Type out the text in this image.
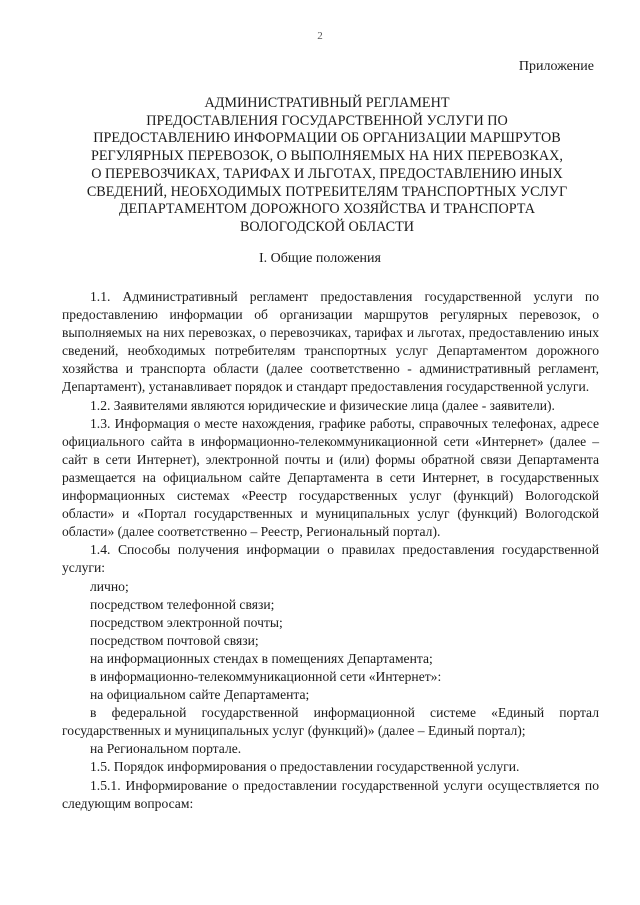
2
Приложение
АДМИНИСТРАТИВНЫЙ РЕГЛАМЕНТ
ПРЕДОСТАВЛЕНИЯ ГОСУДАРСТВЕННОЙ УСЛУГИ ПО
ПРЕДОСТАВЛЕНИЮ ИНФОРМАЦИИ ОБ ОРГАНИЗАЦИИ МАРШРУТОВ
РЕГУЛЯРНЫХ ПЕРЕВОЗОК, О ВЫПОЛНЯЕМЫХ НА НИХ ПЕРЕВОЗКАХ,
О ПЕРЕВОЗЧИКАХ, ТАРИФАХ И ЛЬГОТАХ, ПРЕДОСТАВЛЕНИЮ ИНЫХ
СВЕДЕНИЙ, НЕОБХОДИМЫХ ПОТРЕБИТЕЛЯМ ТРАНСПОРТНЫХ УСЛУГ
ДЕПАРТАМЕНТОМ ДОРОЖНОГО ХОЗЯЙСТВА И ТРАНСПОРТА
ВОЛОГОДСКОЙ ОБЛАСТИ
I. Общие положения

1.1. Административный регламент предоставления государственной услуги по предоставлению информации об организации маршрутов регулярных перевозок, о выполняемых на них перевозках, о перевозчиках, тарифах и льготах, предоставлению иных сведений, необходимых потребителям транспортных услуг Департаментом дорожного хозяйства и транспорта области (далее соответственно - административный регламент, Департамент), устанавливает порядок и стандарт предоставления государственной услуги.

1.2. Заявителями являются юридические и физические лица (далее - заявители).

1.3. Информация о месте нахождения, графике работы, справочных телефонах, адресе официального сайта в информационно-телекоммуникационной сети «Интернет» (далее – сайт в сети Интернет), электронной почты и (или) формы обратной связи Департамента размещается на официальном сайте Департамента в сети Интернет, в государственных информационных системах «Реестр государственных услуг (функций) Вологодской области» и «Портал государственных и муниципальных услуг (функций) Вологодской области» (далее соответственно – Реестр, Региональный портал).

1.4. Способы получения информации о правилах предоставления государственной услуги:

лично;

посредством телефонной связи;

посредством электронной почты;

посредством почтовой связи;

на информационных стендах в помещениях Департамента;

в информационно-телекоммуникационной сети «Интернет»:

на официальном сайте Департамента;

в федеральной государственной информационной системе «Единый портал государственных и муниципальных услуг (функций)» (далее – Единый портал);

на Региональном портале.

1.5. Порядок информирования о предоставлении государственной услуги.

1.5.1. Информирование о предоставлении государственной услуги осуществляется по следующим вопросам:
